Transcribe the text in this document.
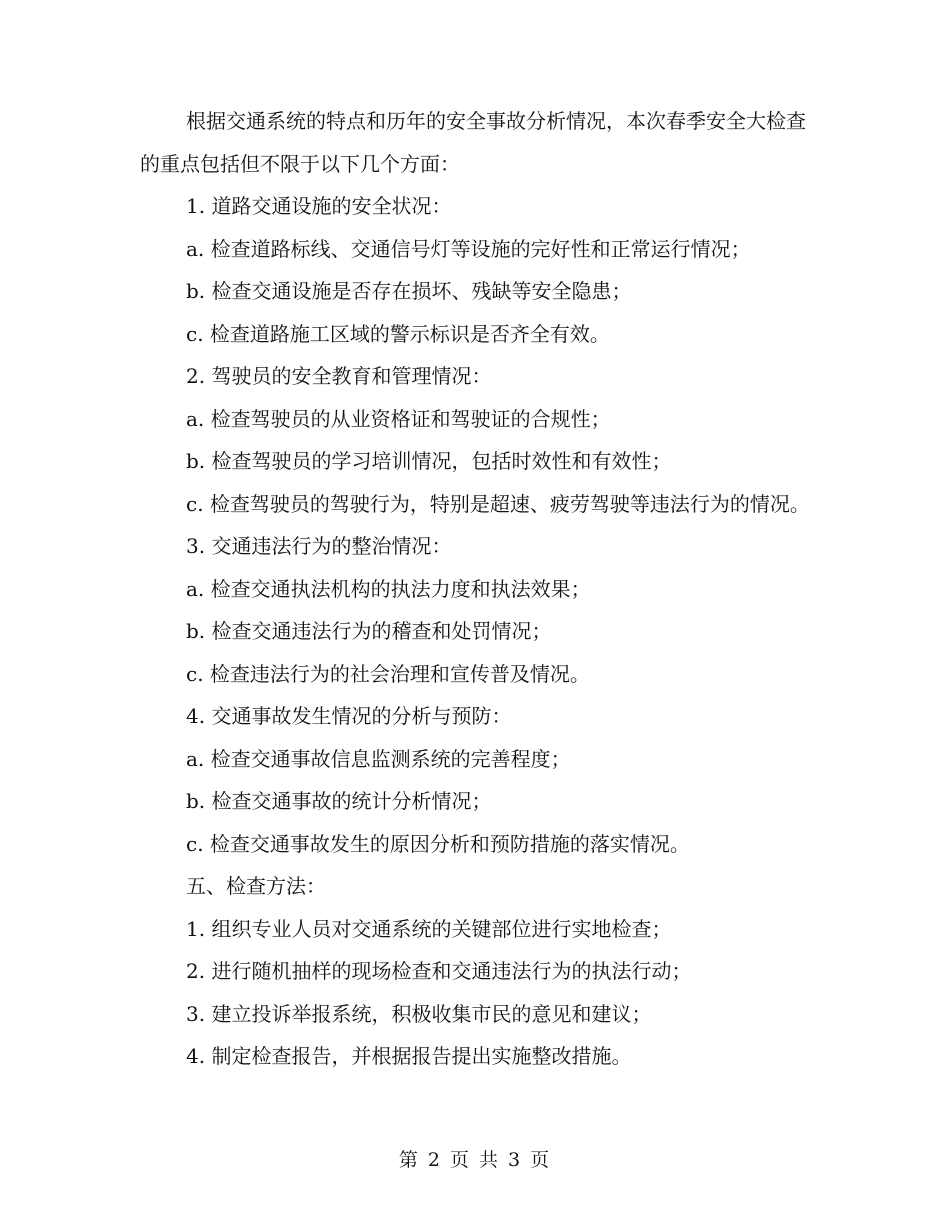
根据交通系统的特点和历年的安全事故分析情况，本次春季安全大检查的重点包括但不限于以下几个方面：

1. 道路交通设施的安全状况：

a. 检查道路标线、交通信号灯等设施的完好性和正常运行情况；

b. 检查交通设施是否存在损坏、残缺等安全隐患；

c. 检查道路施工区域的警示标识是否齐全有效。

2. 驾驶员的安全教育和管理情况：

a. 检查驾驶员的从业资格证和驾驶证的合规性；

b. 检查驾驶员的学习培训情况，包括时效性和有效性；

c. 检查驾驶员的驾驶行为，特别是超速、疲劳驾驶等违法行为的情况。

3. 交通违法行为的整治情况：

a. 检查交通执法机构的执法力度和执法效果；

b. 检查交通违法行为的稽查和处罚情况；

c. 检查违法行为的社会治理和宣传普及情况。

4. 交通事故发生情况的分析与预防：

a. 检查交通事故信息监测系统的完善程度；

b. 检查交通事故的统计分析情况；

c. 检查交通事故发生的原因分析和预防措施的落实情况。

五、检查方法：

1. 组织专业人员对交通系统的关键部位进行实地检查；

2. 进行随机抽样的现场检查和交通违法行为的执法行动；

3. 建立投诉举报系统，积极收集市民的意见和建议；

4. 制定检查报告，并根据报告提出实施整改措施。

第 2 页 共 3 页
